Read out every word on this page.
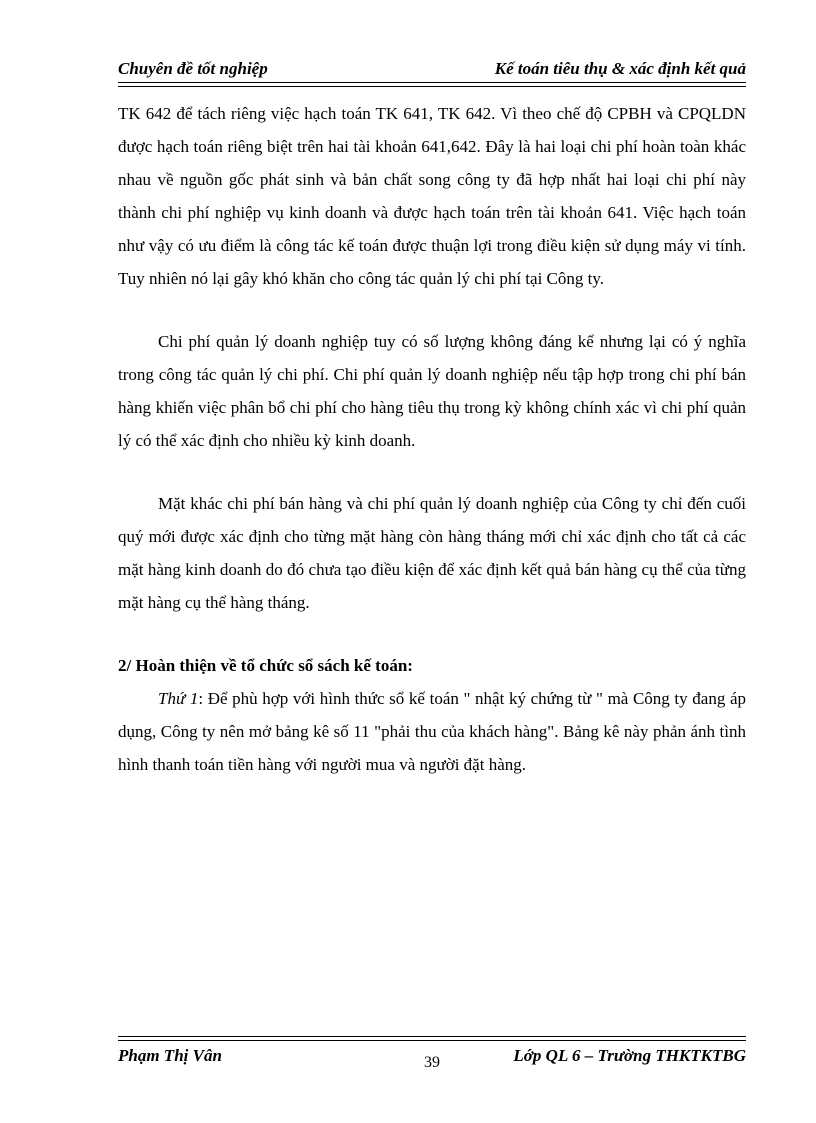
Chuyên đề tốt nghiệp	Kế toán tiêu thụ & xác định kết quả

TK 642 để tách riêng việc hạch toán TK 641, TK 642. Vì theo chế độ CPBH và CPQLDN được hạch toán riêng biệt trên hai tài khoản 641,642. Đây là hai loại chi phí hoàn toàn khác nhau về nguồn gốc phát sinh và bản chất song công ty đã hợp nhất hai loại chi phí này thành chi phí nghiệp vụ kinh doanh và được hạch toán trên tài khoản 641. Việc hạch toán như vậy có ưu điểm là công tác kế toán được thuận lợi trong điều kiện sử dụng máy vi tính. Tuy nhiên nó lại gây khó khăn cho công tác quản lý chi phí tại Công ty.

Chi phí quản lý doanh nghiệp tuy có số lượng không đáng kể nhưng lại có ý nghĩa trong công tác quản lý chi phí. Chi phí quản lý doanh nghiệp nếu tập hợp trong chi phí bán hàng khiến việc phân bổ chi phí cho hàng tiêu thụ trong kỳ không chính xác vì chi phí quản lý có thể xác định cho nhiều kỳ kinh doanh.

Mặt khác chi phí bán hàng và chi phí quản lý doanh nghiệp của Công ty chỉ đến cuối quý mới được xác định cho từng mặt hàng còn hàng tháng mới chỉ xác định cho tất cả các mặt hàng kinh doanh do đó chưa tạo điều kiện để xác định kết quả bán hàng cụ thể của từng mặt hàng cụ thể hàng tháng.

2/ Hoàn thiện về tổ chức sổ sách kế toán:

Thứ 1: Để phù hợp với hình thức sổ kế toán " nhật ký chứng từ " mà Công ty đang áp dụng, Công ty nên mở bảng kê số 11 "phải thu của khách hàng". Bảng kê này phản ánh tình hình thanh toán tiền hàng với người mua và người đặt hàng.

Phạm Thị Vân	39	Lớp QL 6 – Trường THKTKTBG
